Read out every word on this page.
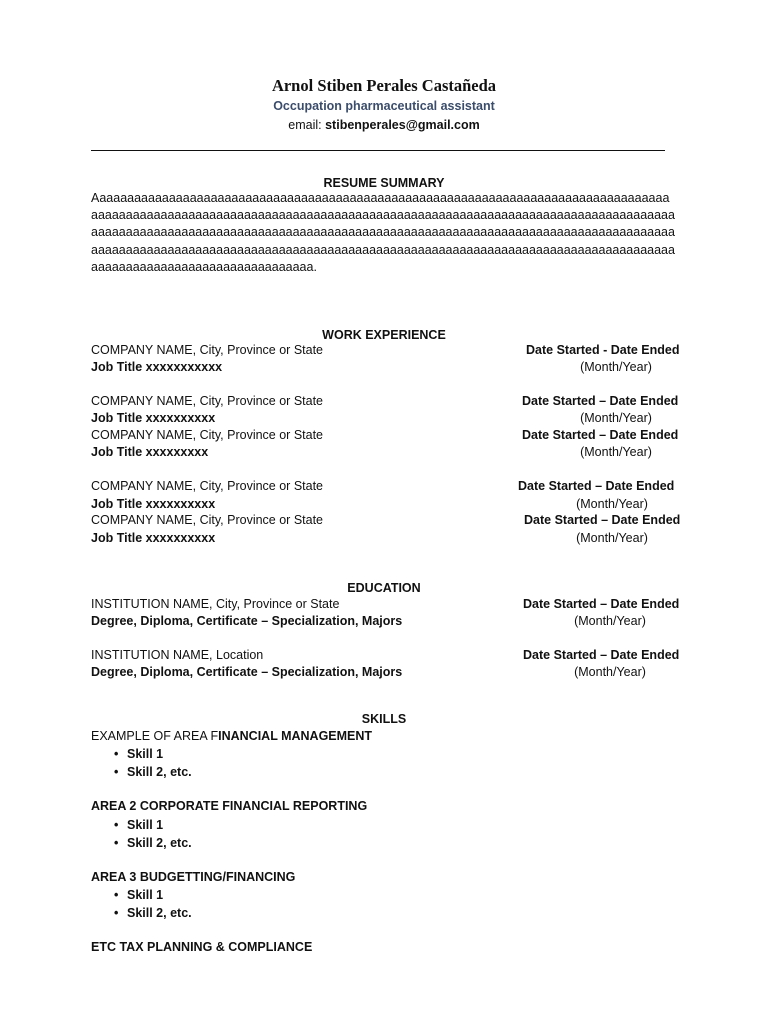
Arnol Stiben Perales Castañeda
Occupation pharmaceutical assistant
email: stibenperales@gmail.com
RESUME SUMMARY
Aaaaaaaaaaaaaaaaaaaaaaaaaaaaaaaaaaaaaaaaaaaaaaaaaaaaaaaaaaaaaaaaaaaaaaaaaaaaaaaaaaaaaaaaaaaaaaaaaaaaaaaaaaaaaaaaaaaaaaaaaaaaaaaaaaaaaaaaaaaaaaaaaaaaaaaaaaaaaaaaaaaaaaaaaaaaaaaaaaaaaaaaaaaaaaaaaaaaaaaaaaaaaaaaaaaaaaaaaaaaaaaaaaaaaaaaaaaaaaaaaaaaaaaaaaaaaaaaaaaaaaaaaaaaaaaaaaaaaaaaaaaaaaaaaaaaaaaaaaaaaaaaaaaaaaaaaaaaaaaaaaaaaaaaaaaaaaaaaaaaaaaaaaaaaaaaaaaaaaaaaaaaaaa.
WORK EXPERIENCE
COMPANY NAME, City, Province or State
Job Title xxxxxxxxxxx
Date Started - Date Ended
(Month/Year)
COMPANY NAME, City, Province or State
Job Title xxxxxxxxxx
Date Started – Date Ended
(Month/Year)
COMPANY NAME, City, Province or State
Job Title xxxxxxxxx
Date Started – Date Ended
(Month/Year)
COMPANY NAME, City, Province or State
Job Title xxxxxxxxxx
Date Started – Date Ended
(Month/Year)
COMPANY NAME, City, Province or State
Job Title xxxxxxxxxx
Date Started – Date Ended
(Month/Year)
EDUCATION
INSTITUTION NAME, City, Province or State
Degree, Diploma, Certificate – Specialization, Majors
Date Started – Date Ended
(Month/Year)
INSTITUTION NAME, Location
Degree, Diploma, Certificate – Specialization, Majors
Date Started – Date Ended
(Month/Year)
SKILLS
EXAMPLE OF AREA FINANCIAL MANAGEMENT
• Skill 1
• Skill 2, etc.
AREA 2 CORPORATE FINANCIAL REPORTING
• Skill 1
• Skill 2, etc.
AREA 3 BUDGETTING/FINANCING
• Skill 1
• Skill 2, etc.
ETC TAX PLANNING & COMPLIANCE
